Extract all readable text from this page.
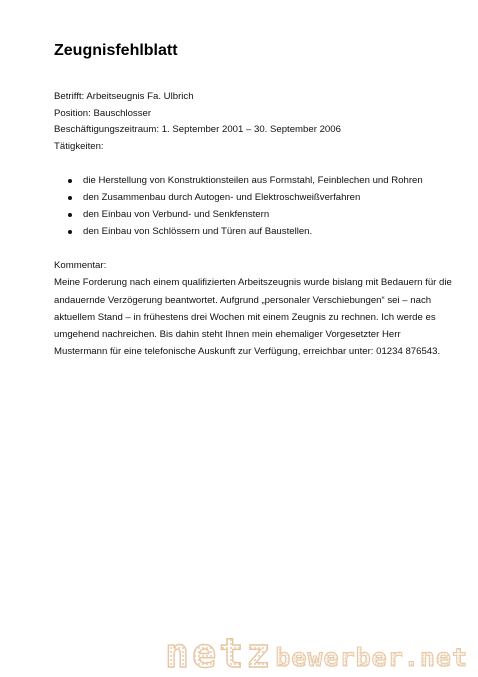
Zeugnisfehlblatt
Betrifft: Arbeitseugnis Fa. Ulbrich
Position: Bauschlosser
Beschäftigungszeitraum: 1. September 2001 – 30. September 2006
Tätigkeiten:
die Herstellung von Konstruktionsteilen aus Formstahl, Feinblechen und Rohren
den Zusammenbau durch Autogen- und Elektroschweißverfahren
den Einbau von Verbund- und Senkfenstern
den Einbau von Schlössern und Türen auf Baustellen.
Kommentar:
Meine Forderung nach einem qualifizierten Arbeitszeugnis wurde bislang mit Bedauern für die
andauernde Verzögerung beantwortet. Aufgrund „personaler Verschiebungen“ sei – nach
aktuellem Stand – in frühestens drei Wochen mit einem Zeugnis zu rechnen. Ich werde es
umgehend nachreichen. Bis dahin steht Ihnen mein ehemaliger Vorgesetzter Herr
Mustermann für eine telefonische Auskunft zur Verfügung, erreichbar unter: 01234 876543.
netz bewerber.net
